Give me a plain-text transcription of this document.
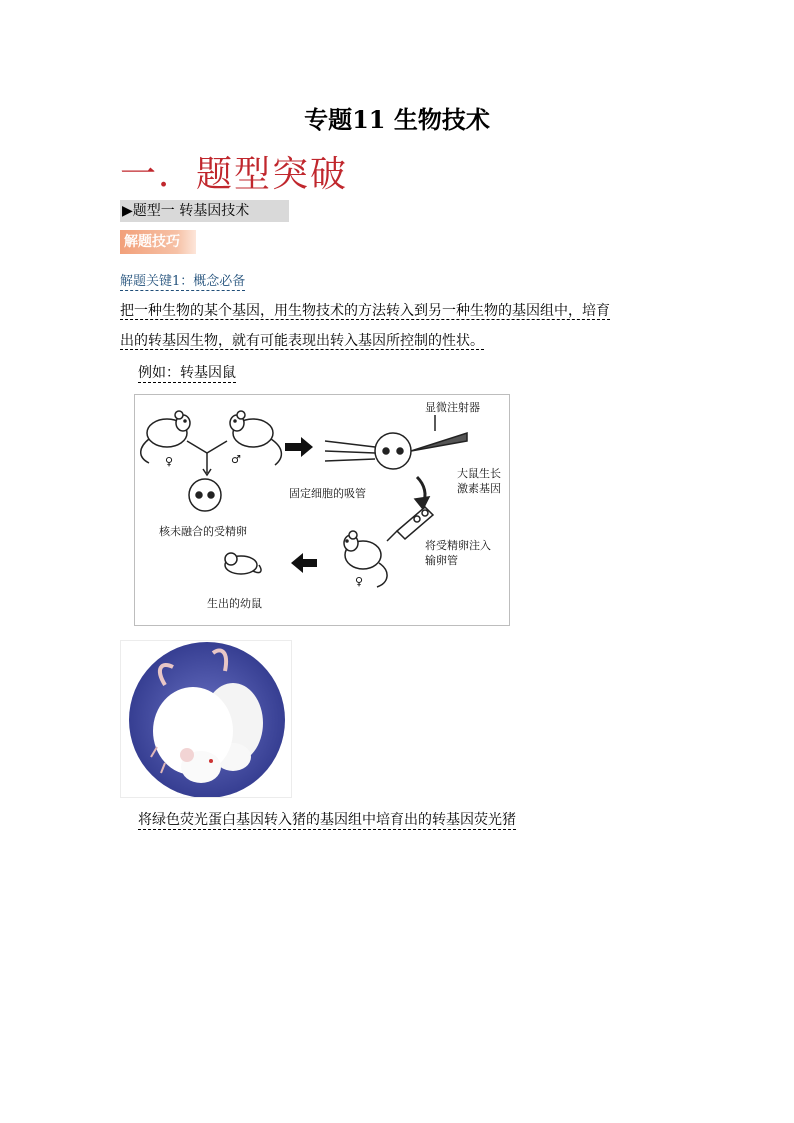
专题11 生物技术
一．题型突破
▶题型一 转基因技术
解题技巧
解题关键1：概念必备
把一种生物的某个基因，用生物技术的方法转入到另一种生物的基因组中，培育
出的转基因生物，就有可能表现出转入基因所控制的性状。
例如：转基因鼠
♀	♂
显微注射器
大鼠生长
激素基因
固定细胞的吸管
核未融合的受精卵
将受精卵注入
输卵管
♀
生出的幼鼠
将绿色荧光蛋白基因转入猪的基因组中培育出的转基因荧光猪
